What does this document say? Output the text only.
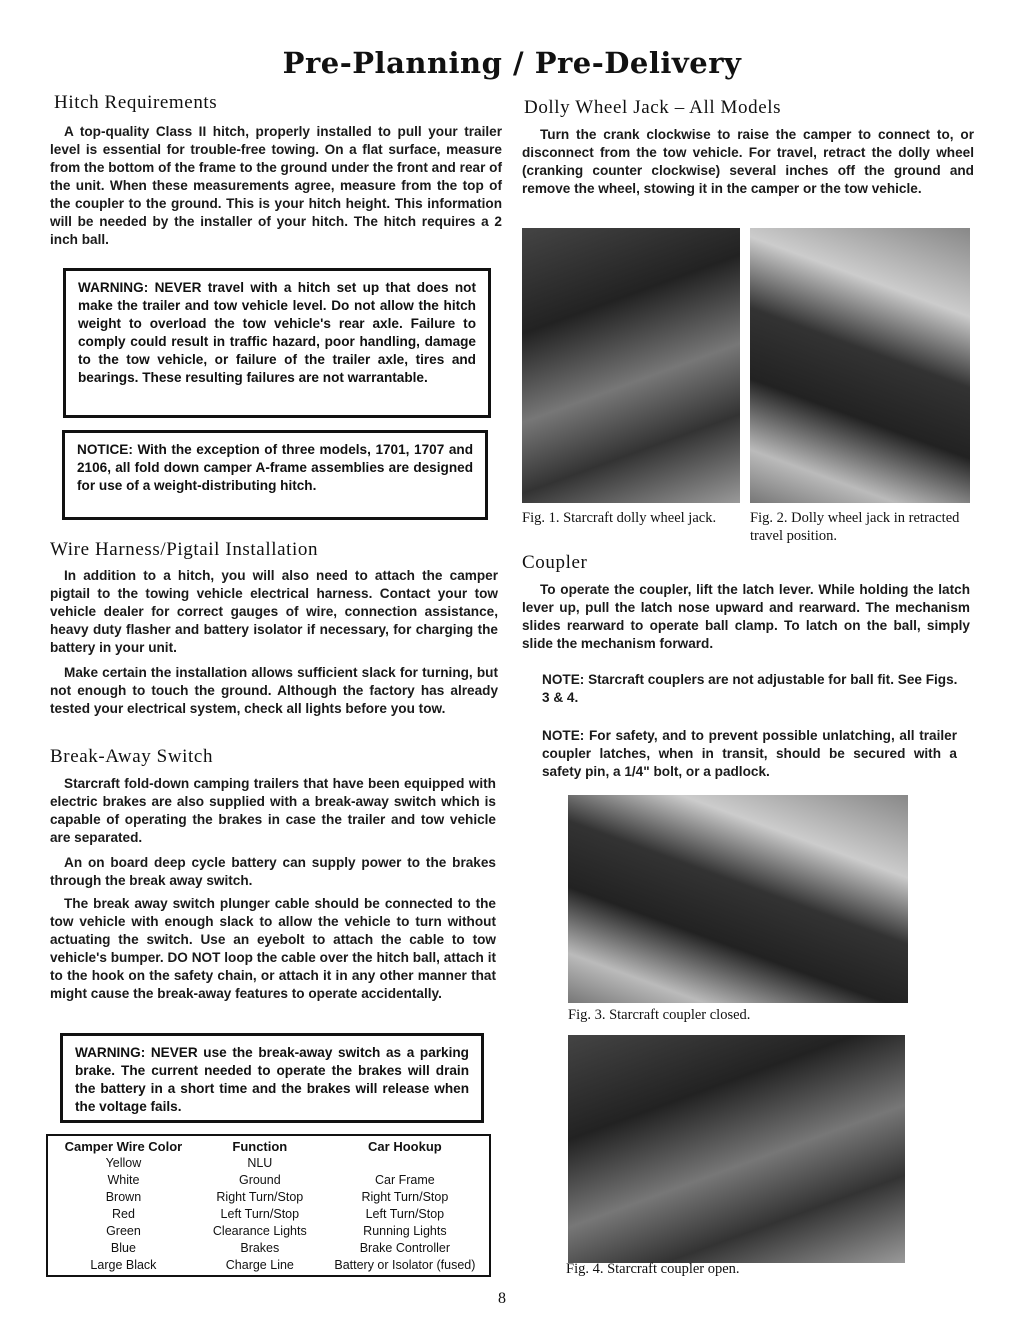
Pre-Planning / Pre-Delivery
Hitch Requirements
A top-quality Class II hitch, properly installed to pull your trailer level is essential for trouble-free towing. On a flat surface, measure from the bottom of the frame to the ground under the front and rear of the unit. When these measurements agree, measure from the top of the coupler to the ground. This is your hitch height. This information will be needed by the installer of your hitch. The hitch requires a 2 inch ball.
WARNING: NEVER travel with a hitch set up that does not make the trailer and tow vehicle level. Do not allow the hitch weight to overload the tow vehicle's rear axle. Failure to comply could result in traffic hazard, poor handling, damage to the tow vehicle, or failure of the trailer axle, tires and bearings. These resulting failures are not warrantable.
NOTICE: With the exception of three models, 1701, 1707 and 2106, all fold down camper A-frame assemblies are designed for use of a weight-distributing hitch.
Wire Harness/Pigtail Installation
In addition to a hitch, you will also need to attach the camper pigtail to the towing vehicle electrical harness. Contact your tow vehicle dealer for correct gauges of wire, connection assistance, heavy duty flasher and battery isolator if necessary, for charging the battery in your unit.
Make certain the installation allows sufficient slack for turning, but not enough to touch the ground. Although the factory has already tested your electrical system, check all lights before you tow.
Break-Away Switch
Starcraft fold-down camping trailers that have been equipped with electric brakes are also supplied with a break-away switch which is capable of operating the brakes in case the trailer and tow vehicle are separated.
An on board deep cycle battery can supply power to the brakes through the break away switch.
The break away switch plunger cable should be connected to the tow vehicle with enough slack to allow the vehicle to turn without actuating the switch. Use an eyebolt to attach the cable to tow vehicle's bumper. DO NOT loop the cable over the hitch ball, attach it to the hook on the safety chain, or attach it in any other manner that might cause the break-away features to operate accidentally.
WARNING: NEVER use the break-away switch as a parking brake. The current needed to operate the brakes will drain the battery in a short time and the brakes will release when the voltage fails.
Camper Wire Color	Function	Car Hookup
Yellow	NLU	
White	Ground	Car Frame
Brown	Right Turn/Stop	Right Turn/Stop
Red	Left Turn/Stop	Left Turn/Stop
Green	Clearance Lights	Running Lights
Blue	Brakes	Brake Controller
Large Black	Charge Line	Battery or Isolator (fused)
8
Dolly Wheel Jack – All Models
Turn the crank clockwise to raise the camper to connect to, or disconnect from the tow vehicle. For travel, retract the dolly wheel (cranking counter clockwise) several inches off the ground and remove the wheel, stowing it in the camper or the tow vehicle.
Fig. 1. Starcraft dolly wheel jack.	Fig. 2. Dolly wheel jack in retracted travel position.
Coupler
To operate the coupler, lift the latch lever. While holding the latch lever up, pull the latch nose upward and rearward. The mechanism slides rearward to operate ball clamp. To latch on the ball, simply slide the mechanism forward.
NOTE: Starcraft couplers are not adjustable for ball fit. See Figs. 3 & 4.
NOTE: For safety, and to prevent possible unlatching, all trailer coupler latches, when in transit, should be secured with a safety pin, a 1/4" bolt, or a padlock.
Fig. 3. Starcraft coupler closed.
Fig. 4. Starcraft coupler open.
